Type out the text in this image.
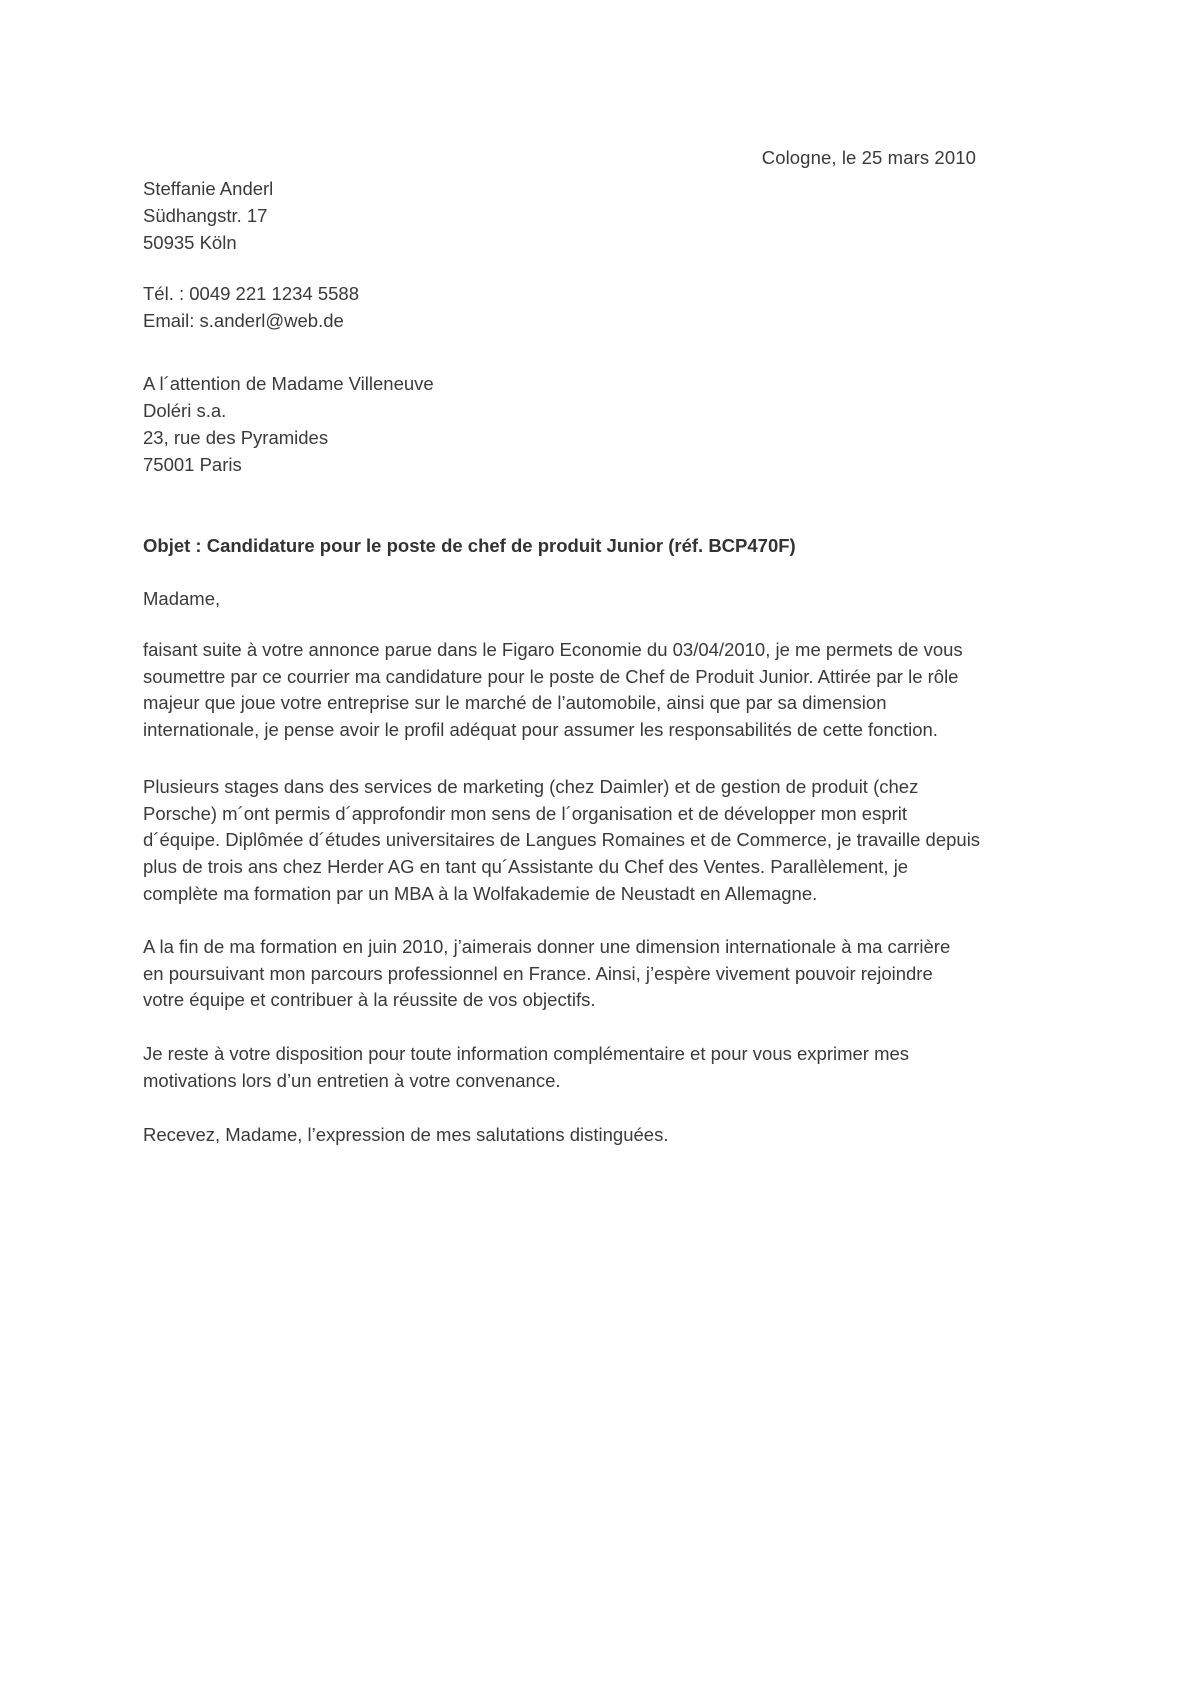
Cologne, le 25 mars 2010
Steffanie Anderl
Südhangstr. 17
50935 Köln
Tél. : 0049 221 1234 5588
Email: s.anderl@web.de
A l´attention de Madame Villeneuve
Doléri s.a.
23, rue des Pyramides
75001 Paris
Objet : Candidature pour le poste de chef de produit Junior (réf. BCP470F)
Madame,
faisant suite à votre annonce parue dans le Figaro Economie du 03/04/2010, je me permets de vous
soumettre par ce courrier ma candidature pour le poste de Chef de Produit Junior. Attirée par le rôle
majeur que joue votre entreprise sur le marché de l’automobile, ainsi que par sa dimension
internationale, je pense avoir le profil adéquat pour assumer les responsabilités de cette fonction.
Plusieurs stages dans des services de marketing (chez Daimler) et de gestion de produit (chez
Porsche) m´ont permis d´approfondir mon sens de l´organisation et de développer mon esprit
d´équipe. Diplômée d´études universitaires de Langues Romaines et de Commerce, je travaille depuis
plus de trois ans chez Herder AG en tant qu´Assistante du Chef des Ventes. Parallèlement, je
complète ma formation par un MBA à la Wolfakademie de Neustadt en Allemagne.
A la fin de ma formation en juin 2010, j’aimerais donner une dimension internationale à ma carrière
en poursuivant mon parcours professionnel en France. Ainsi, j’espère vivement pouvoir rejoindre
votre équipe et contribuer à la réussite de vos objectifs.
Je reste à votre disposition pour toute information complémentaire et pour vous exprimer mes
motivations lors d’un entretien à votre convenance.
Recevez, Madame, l’expression de mes salutations distinguées.
